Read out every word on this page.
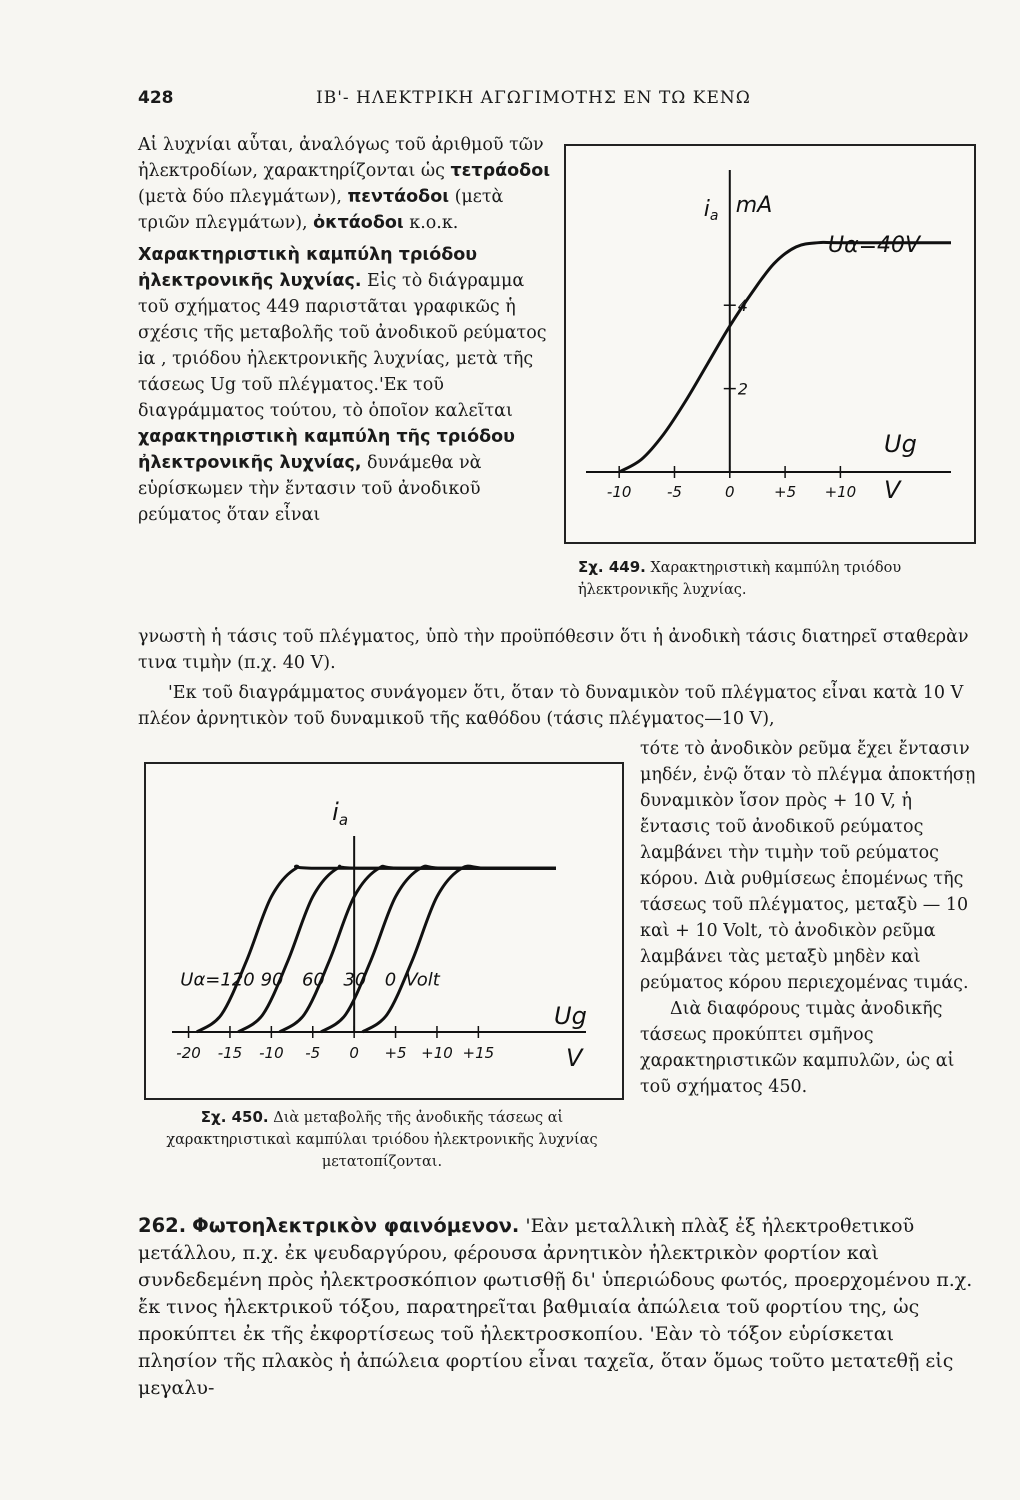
428	ΙΒ'- ΗΛΕΚΤΡΙΚΗ ΑΓΩΓΙΜΟΤΗΣ ΕΝ ΤΩ ΚΕΝΩ

Αἱ λυχνίαι αὗται, ἀναλόγως τοῦ ἀριθμοῦ τῶν ἠλεκτροδίων, χαρακτηρίζονται ὡς τετράοδοι (μετὰ δύο πλεγμάτων), πεντάοδοι (μετὰ τριῶν πλεγμάτων), ὀκτάοδοι κ.ο.κ.

Χαρακτηριστικὴ καμπύλη τριόδου ἠλεκτρονικῆς λυχνίας. Εἰς τὸ διάγραμμα τοῦ σχήματος 449 παριστᾶται γραφικῶς ἡ σχέσις τῆς μεταβολῆς τοῦ ἀνοδικοῦ ρεύματος iα , τριόδου ἠλεκτρονικῆς λυχνίας, μετὰ τῆς τάσεως Ug τοῦ πλέγματος.'Εκ τοῦ διαγράμματος τούτου, τὸ ὁποῖον καλεῖται χαρακτηριστικὴ καμπύλη τῆς τριόδου ἠλεκτρονικῆς λυχνίας, δυνάμεθα νὰ εὑρίσκωμεν τὴν ἔντασιν τοῦ ἀνοδικοῦ ρεύματος ὅταν εἶναι

-10 -5	0	+5 +10
2
4
ia mA
Ug
V
Uα=40V
Σχ. 449. Χαρακτηριστικὴ καμπύλη τριόδου ἠλεκτρονικῆς λυχνίας.

γνωστὴ ἡ τάσις τοῦ πλέγματος, ὑπὸ τὴν προϋπόθεσιν ὅτι ἡ ἀνοδικὴ τάσις διατηρεῖ σταθερὰν τινα τιμὴν (π.χ. 40 V).

'Εκ τοῦ διαγράμματος συνάγομεν ὅτι, ὅταν τὸ δυναμικὸν τοῦ πλέγματος εἶναι κατὰ 10 V πλέον ἀρνητικὸν τοῦ δυναμικοῦ τῆς καθόδου (τάσις πλέγματος—10 V),

-20 -15 -10 -5 0 +5 +10 +15
$i_a$
Ug
V
Uα=120 90 60 30 0 Volt
Σχ. 450. Διὰ μεταβολῆς τῆς ἀνοδικῆς τάσεως αἱ χαρακτηριστικαὶ καμπύλαι τριόδου ἠλεκτρονικῆς λυχνίας μετατοπίζονται.

τότε τὸ ἀνοδικὸν ρεῦμα ἔχει ἔντασιν μηδέν, ἐνῷ ὅταν τὸ πλέγμα ἀποκτήσῃ δυναμικὸν ἴσον πρὸς + 10 V, ἡ ἔντασις τοῦ ἀνοδικοῦ ρεύματος λαμβάνει τὴν τιμὴν τοῦ ρεύματος κόρου. Διὰ ρυθμίσεως ἑπομένως τῆς τάσεως τοῦ πλέγματος, μεταξὺ — 10 καὶ + 10 Volt, τὸ ἀνοδικὸν ρεῦμα λαμβάνει τὰς μεταξὺ μηδὲν καὶ ρεύματος κόρου περιεχομένας τιμάς.

Διὰ διαφόρους τιμὰς ἀνοδικῆς τάσεως προκύπτει σμῆνος χαρακτηριστικῶν καμπυλῶν, ὡς αἱ τοῦ σχήματος 450.

262. Φωτοηλεκτρικὸν φαινόμενον. 'Εὰν μεταλλικὴ πλὰξ ἐξ ἠλεκτροθετικοῦ μετάλλου, π.χ. ἐκ ψευδαργύρου, φέρουσα ἀρνητικὸν ἠλεκτρικὸν φορτίον καὶ συνδεδεμένη πρὸς ἠλεκτροσκόπιον φωτισθῇ δι' ὑπεριώδους φωτός, προερχομένου π.χ. ἔκ τινος ἠλεκτρικοῦ τόξου, παρατηρεῖται βαθμιαία ἀπώλεια τοῦ φορτίου της, ὡς προκύπτει ἐκ τῆς ἐκφορτίσεως τοῦ ἠλεκτροσκοπίου. 'Εὰν τὸ τόξον εὑρίσκεται πλησίον τῆς πλακὸς ἡ ἀπώλεια φορτίου εἶναι ταχεῖα, ὅταν ὅμως τοῦτο μετατεθῇ εἰς μεγαλυ-
